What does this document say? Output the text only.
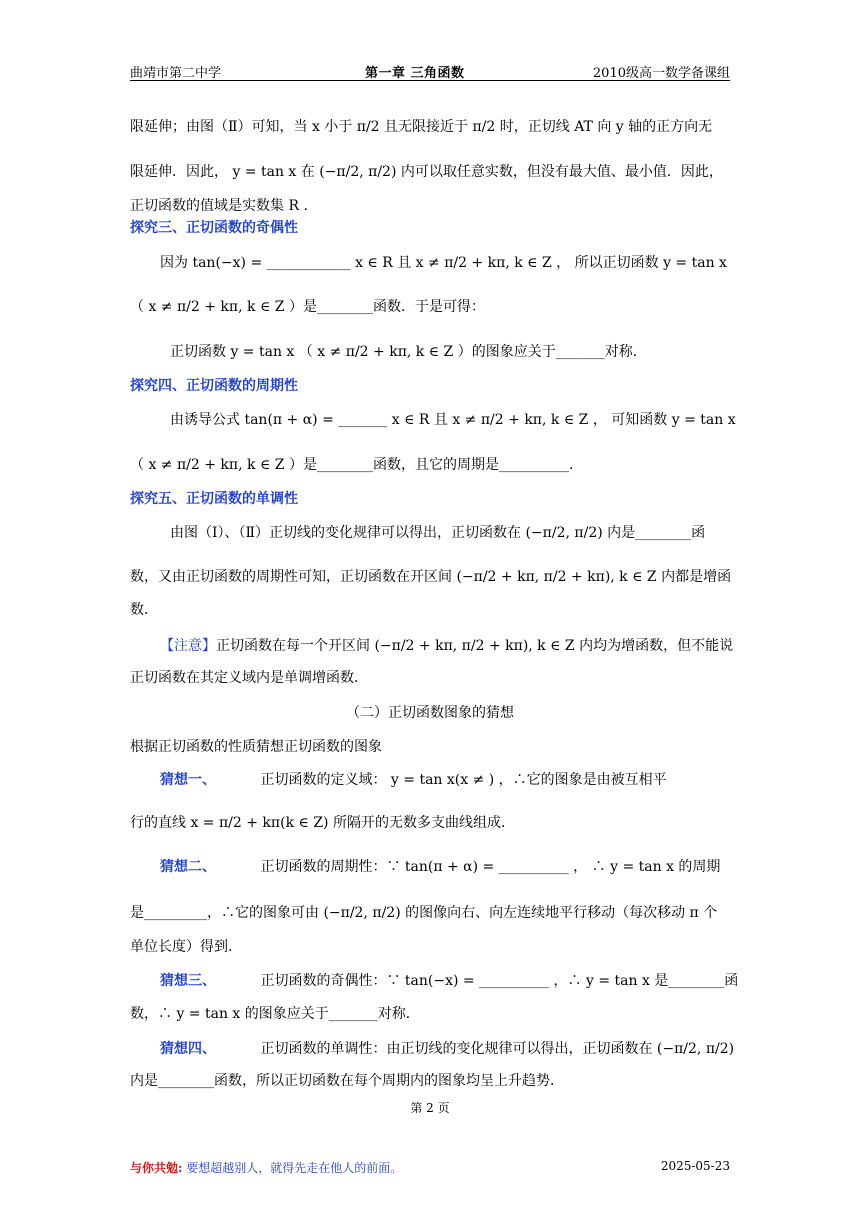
曲靖市第二中学	第一章 三角函数	2010级高一数学备课组
限延伸；由图（Ⅱ）可知，当 x 小于 π/2 且无限接近于 π/2 时，正切线 AT 向 y 轴的正方向无
限延伸．因此， y = tan x 在 (−π/2, π/2) 内可以取任意实数，但没有最大值、最小值．因此，
正切函数的值域是实数集 R .
探究三、正切函数的奇偶性
因为 tan(−x) = ____________ x ∈ R 且 x ≠ π/2 + kπ, k ∈ Z ， 所以正切函数 y = tan x
（ x ≠ π/2 + kπ, k ∈ Z ）是________函数．于是可得：
正切函数 y = tan x （ x ≠ π/2 + kπ, k ∈ Z ）的图象应关于_______对称．
探究四、正切函数的周期性
由诱导公式 tan(π + α) = _______ x ∈ R 且 x ≠ π/2 + kπ, k ∈ Z ， 可知函数 y = tan x
（ x ≠ π/2 + kπ, k ∈ Z ）是________函数，且它的周期是__________.
探究五、正切函数的单调性
由图（Ⅰ）、（Ⅱ）正切线的变化规律可以得出，正切函数在 (−π/2, π/2) 内是________函
数，又由正切函数的周期性可知，正切函数在开区间 (−π/2 + kπ, π/2 + kπ), k ∈ Z 内都是增函
数．
【注意】正切函数在每一个开区间 (−π/2 + kπ, π/2 + kπ), k ∈ Z 内均为增函数，但不能说
正切函数在其定义域内是单调增函数．
（二）正切函数图象的猜想
根据正切函数的性质猜想正切函数的图象
猜想一、	正切函数的定义域： y = tan x(x ≠ ) ，∴它的图象是由被互相平
行的直线 x = π/2 + kπ(k ∈ Z) 所隔开的无数多支曲线组成．
猜想二、	正切函数的周期性：∵ tan(π + α) = __________ ， ∴ y = tan x 的周期
是_________，∴它的图象可由 (−π/2, π/2) 的图像向右、向左连续地平行移动（每次移动 π 个
单位长度）得到.
猜想三、	正切函数的奇偶性：∵ tan(−x) = __________ ，∴ y = tan x 是________函
数，∴ y = tan x 的图象应关于_______对称．
猜想四、	正切函数的单调性：由正切线的变化规律可以得出，正切函数在 (−π/2, π/2)
内是________函数，所以正切函数在每个周期内的图象均呈上升趋势．
第 2 页
与你共勉: 要想超越别人，就得先走在他人的前面。	2025-05-23
